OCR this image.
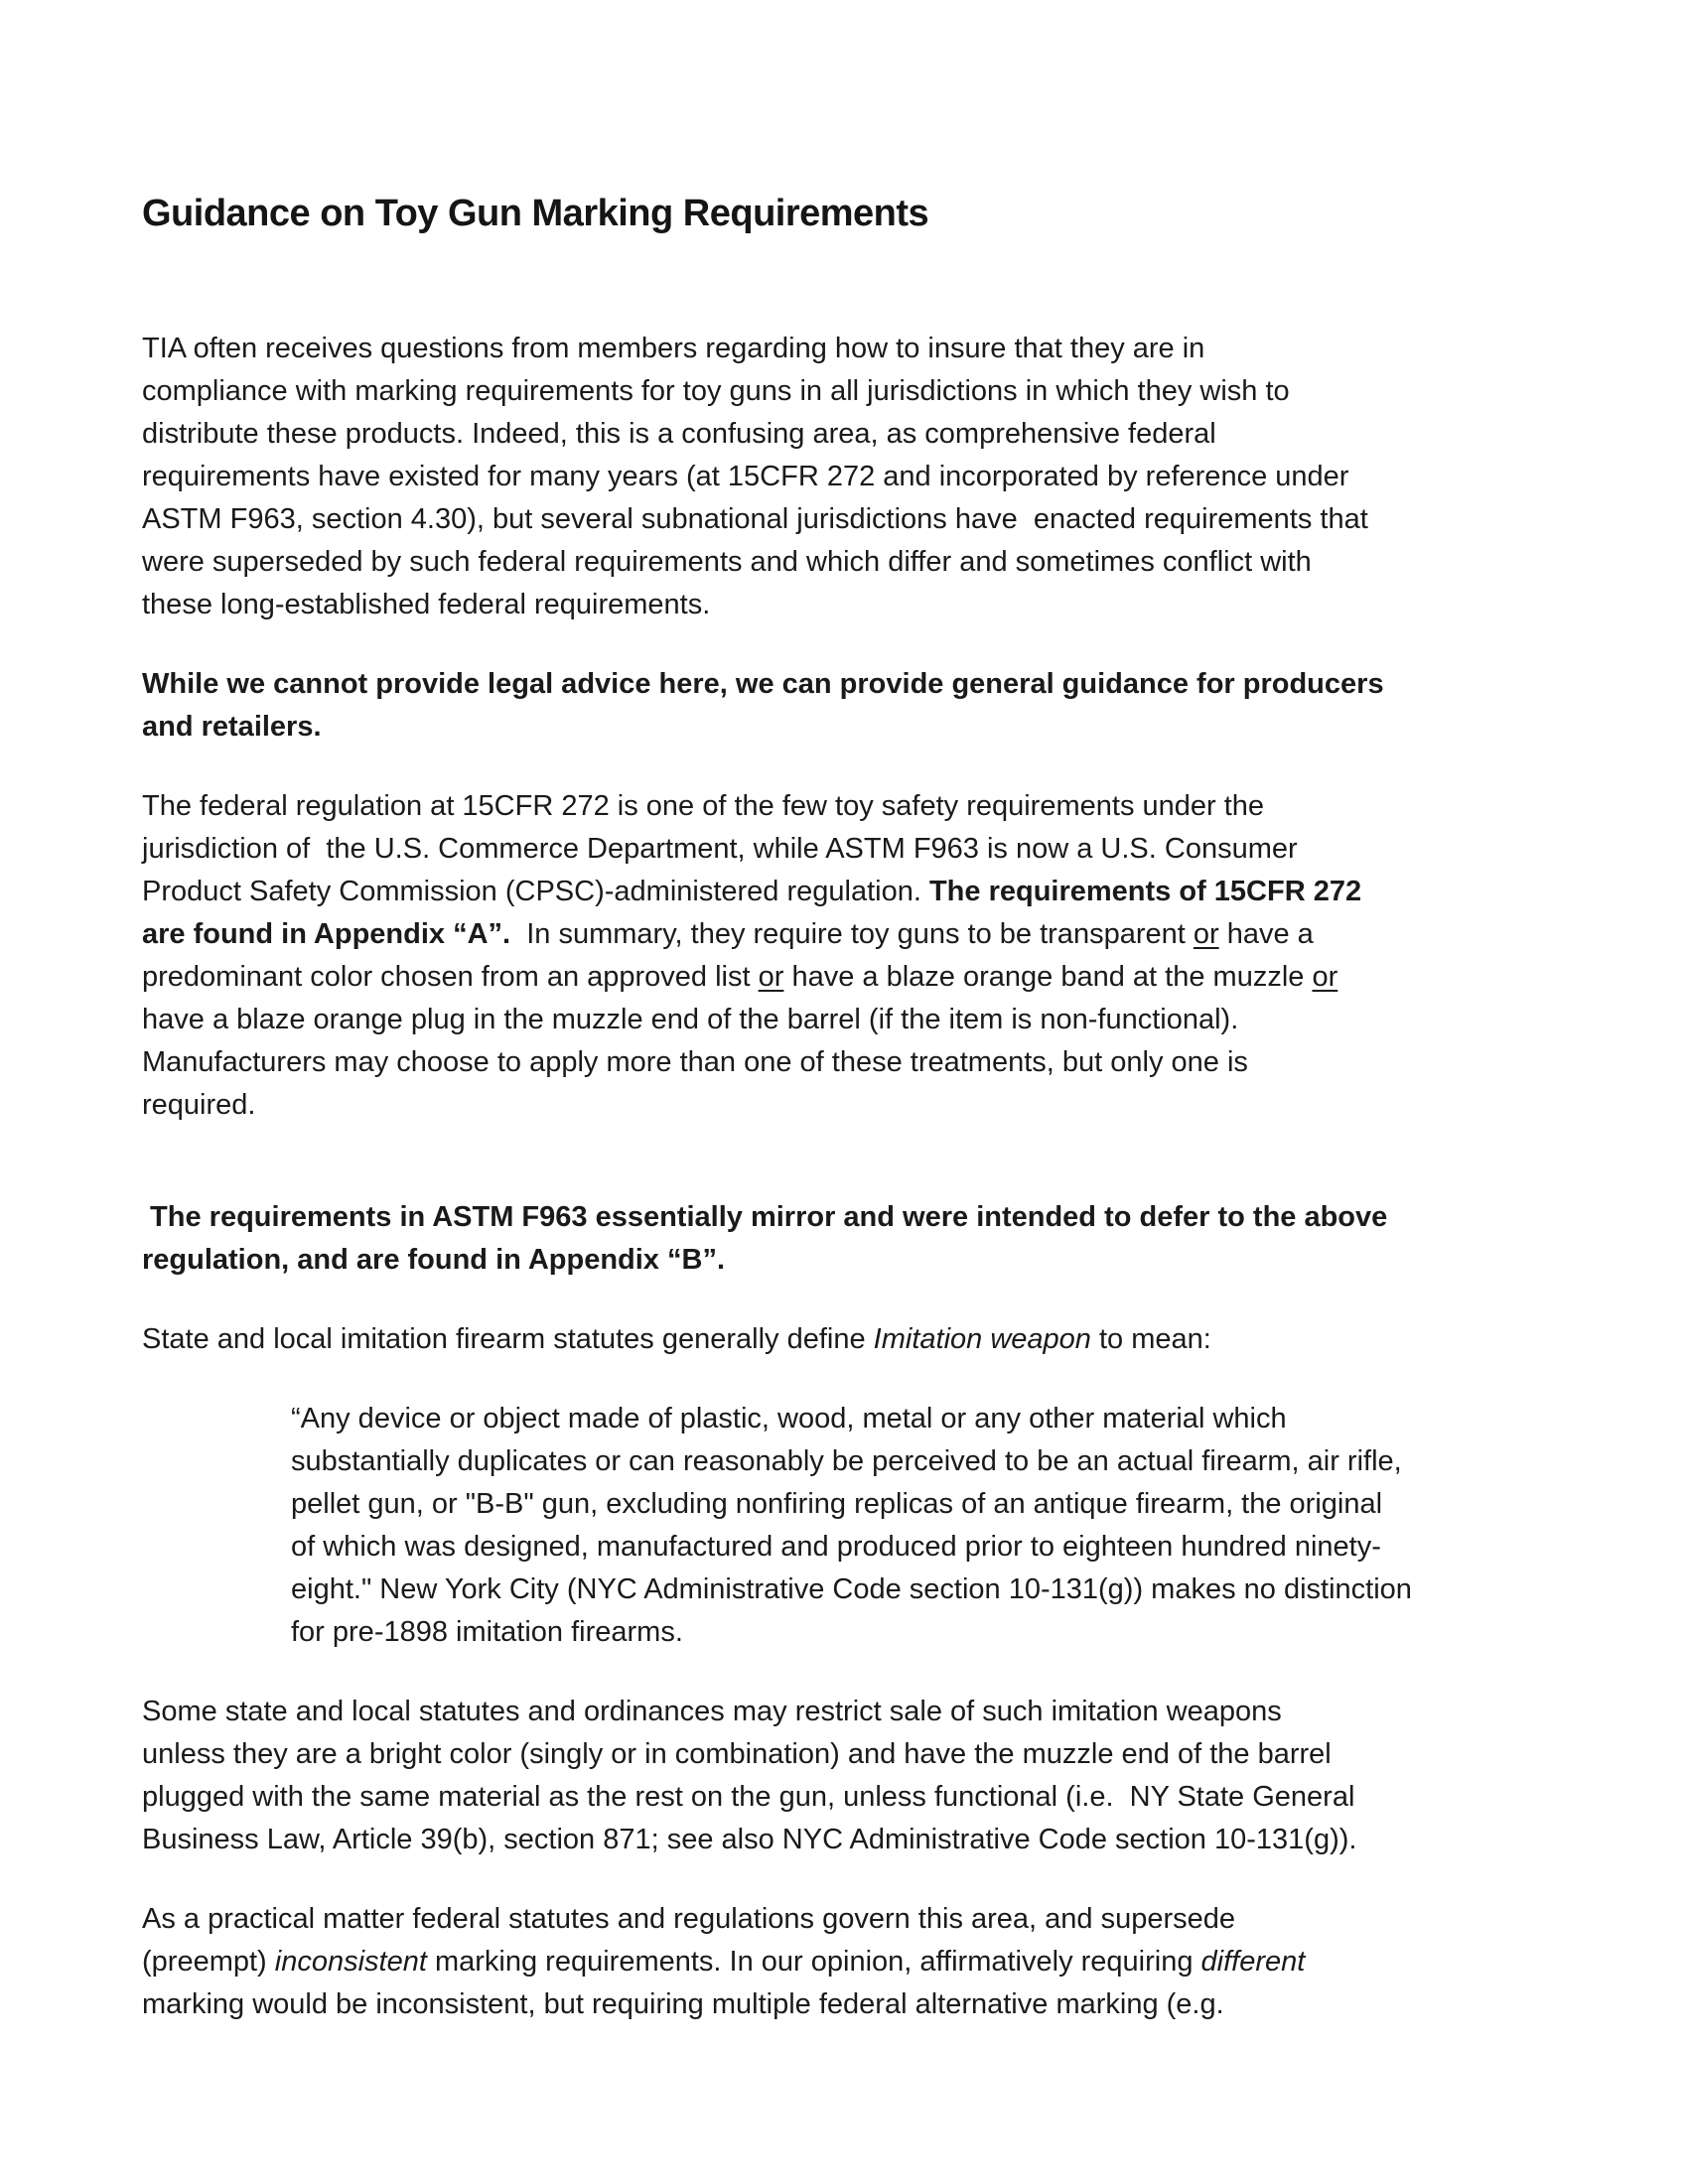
Guidance on Toy Gun Marking Requirements
TIA often receives questions from members regarding how to insure that they are in
compliance with marking requirements for toy guns in all jurisdictions in which they wish to
distribute these products. Indeed, this is a confusing area, as comprehensive federal
requirements have existed for many years (at 15CFR 272 and incorporated by reference under
ASTM F963, section 4.30), but several subnational jurisdictions have  enacted requirements that
were superseded by such federal requirements and which differ and sometimes conflict with
these long-established federal requirements.
While we cannot provide legal advice here, we can provide general guidance for producers
and retailers.
The federal regulation at 15CFR 272 is one of the few toy safety requirements under the
jurisdiction of  the U.S. Commerce Department, while ASTM F963 is now a U.S. Consumer
Product Safety Commission (CPSC)-administered regulation. The requirements of 15CFR 272
are found in Appendix “A”.  In summary, they require toy guns to be transparent or have a
predominant color chosen from an approved list or have a blaze orange band at the muzzle or
have a blaze orange plug in the muzzle end of the barrel (if the item is non-functional).
Manufacturers may choose to apply more than one of these treatments, but only one is
required.
The requirements in ASTM F963 essentially mirror and were intended to defer to the above
regulation, and are found in Appendix “B”.
State and local imitation firearm statutes generally define Imitation weapon to mean:
“Any device or object made of plastic, wood, metal or any other material which
substantially duplicates or can reasonably be perceived to be an actual firearm, air rifle,
pellet gun, or "B-B" gun, excluding nonfiring replicas of an antique firearm, the original
of which was designed, manufactured and produced prior to eighteen hundred ninety-
eight." New York City (NYC Administrative Code section 10-131(g)) makes no distinction
for pre-1898 imitation firearms.
Some state and local statutes and ordinances may restrict sale of such imitation weapons
unless they are a bright color (singly or in combination) and have the muzzle end of the barrel
plugged with the same material as the rest on the gun, unless functional (i.e.  NY State General
Business Law, Article 39(b), section 871; see also NYC Administrative Code section 10-131(g)).
As a practical matter federal statutes and regulations govern this area, and supersede
(preempt) inconsistent marking requirements. In our opinion, affirmatively requiring different
marking would be inconsistent, but requiring multiple federal alternative marking (e.g.
